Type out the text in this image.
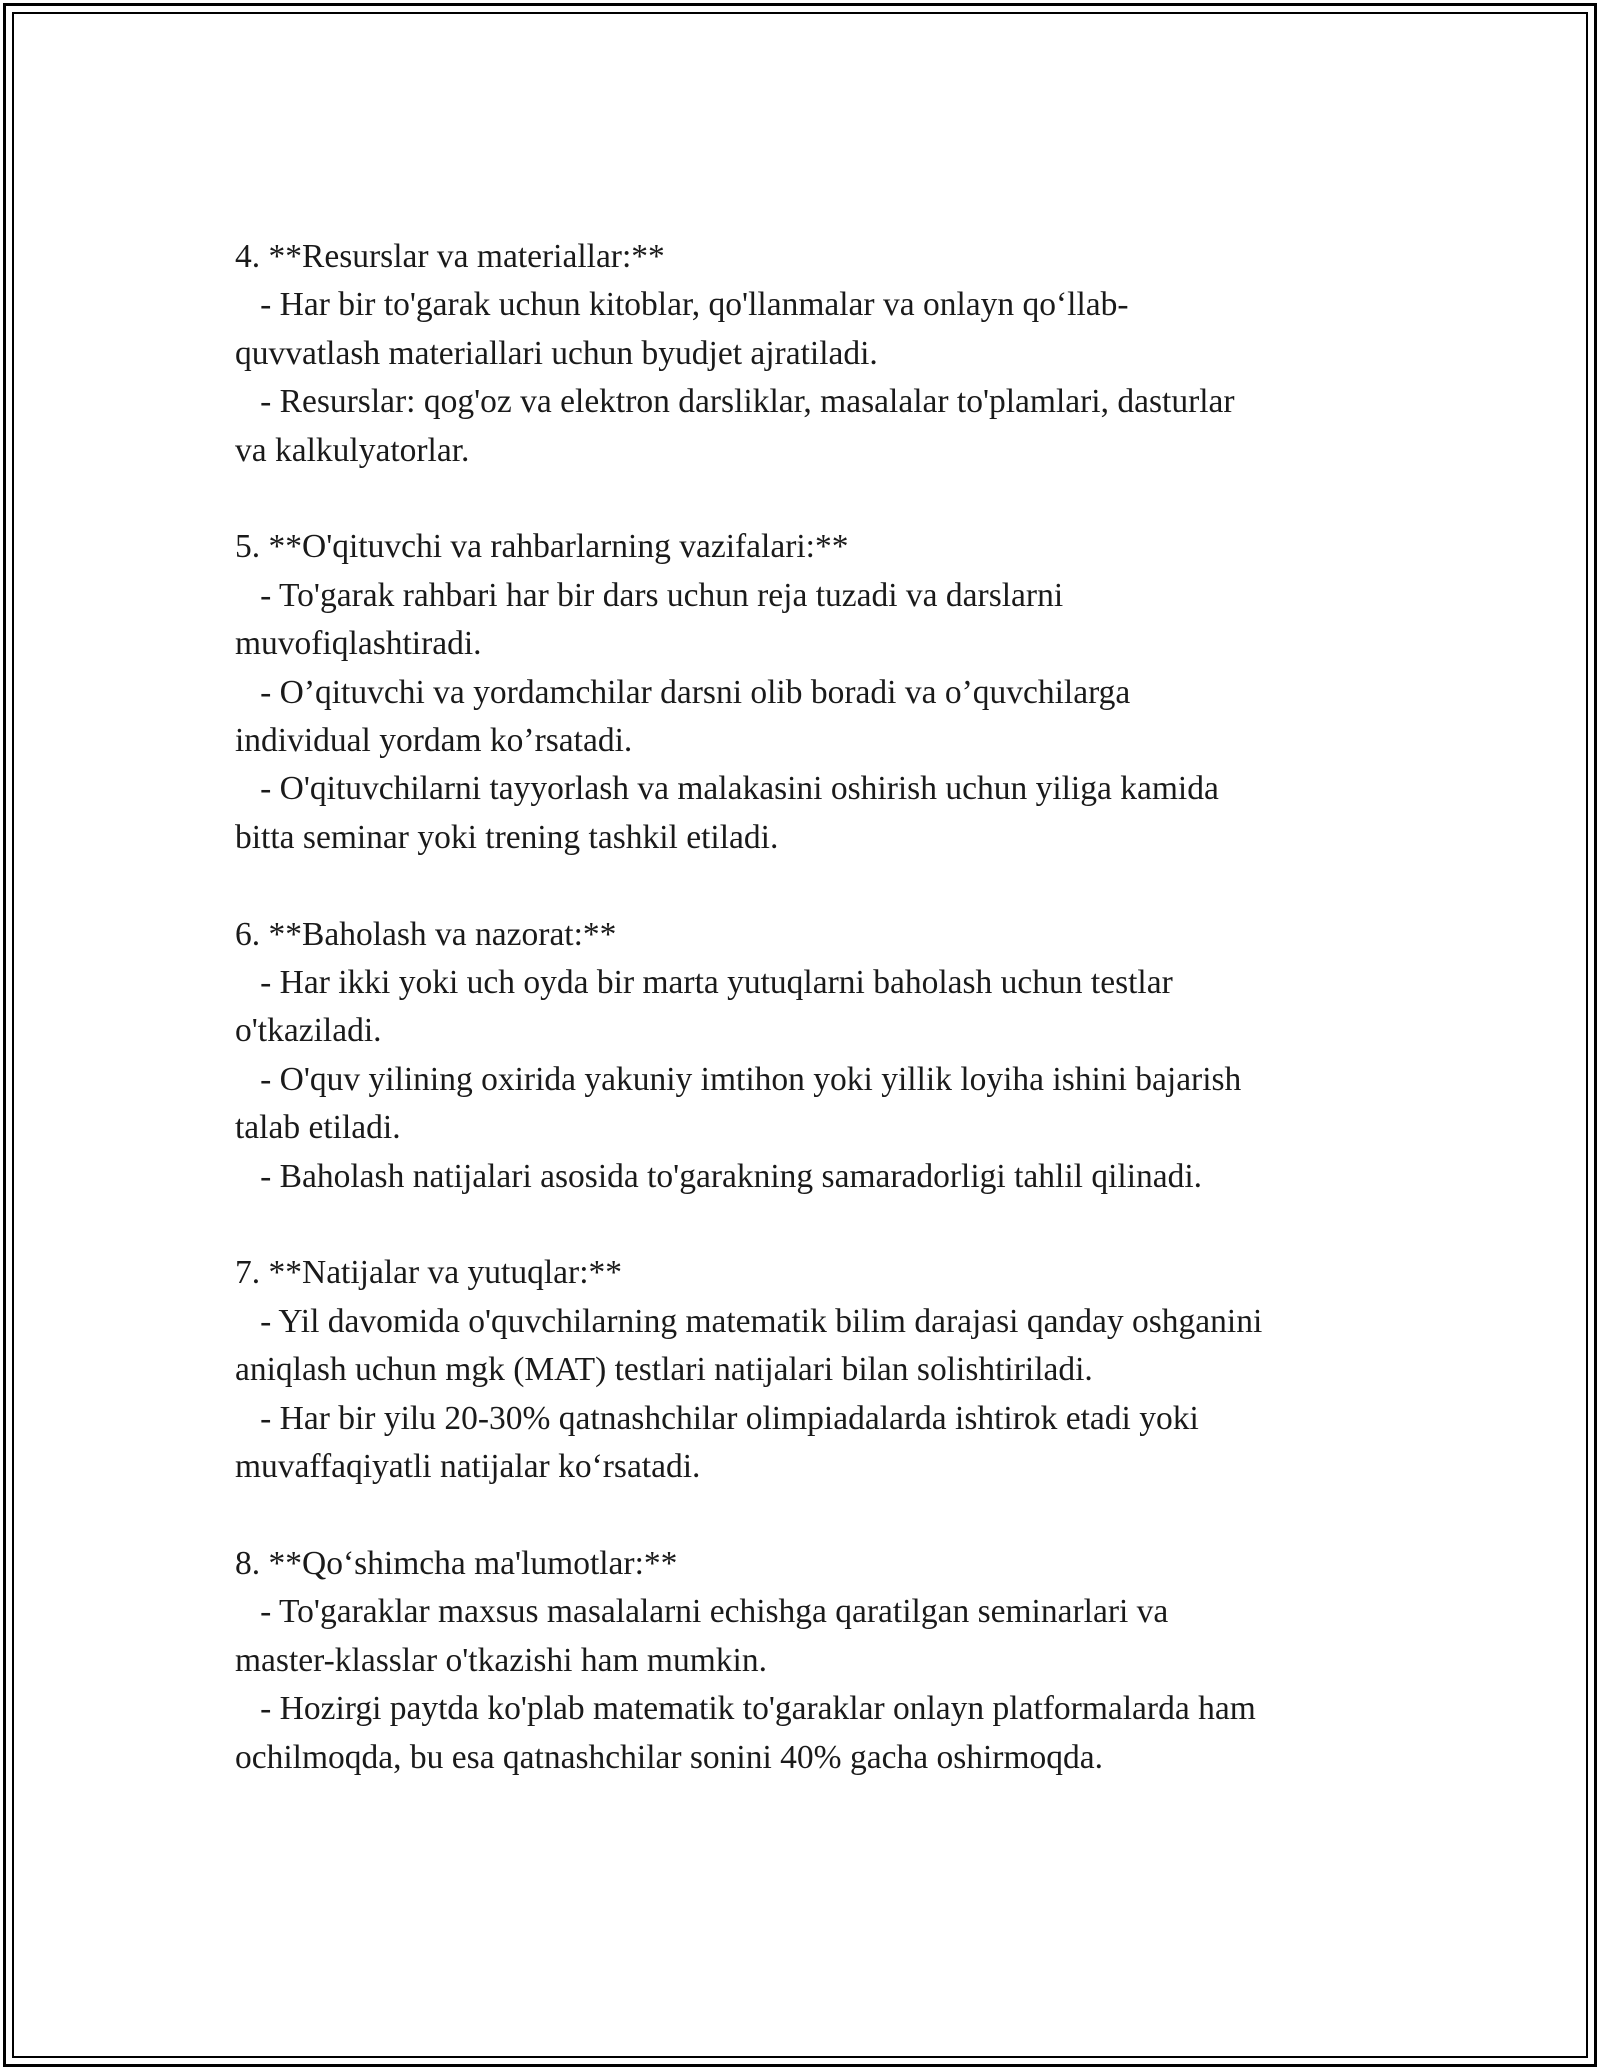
4. **Resurslar va materiallar:**
- Har bir to'garak uchun kitoblar, qo'llanmalar va onlayn qo‘llab-
quvvatlash materiallari uchun byudjet ajratiladi.
- Resurslar: qog'oz va elektron darsliklar, masalalar to'plamlari, dasturlar
va kalkulyatorlar.
5. **O'qituvchi va rahbarlarning vazifalari:**
- To'garak rahbari har bir dars uchun reja tuzadi va darslarni
muvofiqlashtiradi.
- O’qituvchi va yordamchilar darsni olib boradi va o’quvchilarga
individual yordam ko’rsatadi.
- O'qituvchilarni tayyorlash va malakasini oshirish uchun yiliga kamida
bitta seminar yoki trening tashkil etiladi.
6. **Baholash va nazorat:**
- Har ikki yoki uch oyda bir marta yutuqlarni baholash uchun testlar
o'tkaziladi.
- O'quv yilining oxirida yakuniy imtihon yoki yillik loyiha ishini bajarish
talab etiladi.
- Baholash natijalari asosida to'garakning samaradorligi tahlil qilinadi.
7. **Natijalar va yutuqlar:**
- Yil davomida o'quvchilarning matematik bilim darajasi qanday oshganini
aniqlash uchun mgk (MAT) testlari natijalari bilan solishtiriladi.
- Har bir yilu 20-30% qatnashchilar olimpiadalarda ishtirok etadi yoki
muvaffaqiyatli natijalar ko‘rsatadi.
8. **Qo‘shimcha ma'lumotlar:**
- To'garaklar maxsus masalalarni echishga qaratilgan seminarlari va
master-klasslar o'tkazishi ham mumkin.
- Hozirgi paytda ko'plab matematik to'garaklar onlayn platformalarda ham
ochilmoqda, bu esa qatnashchilar sonini 40% gacha oshirmoqda.
